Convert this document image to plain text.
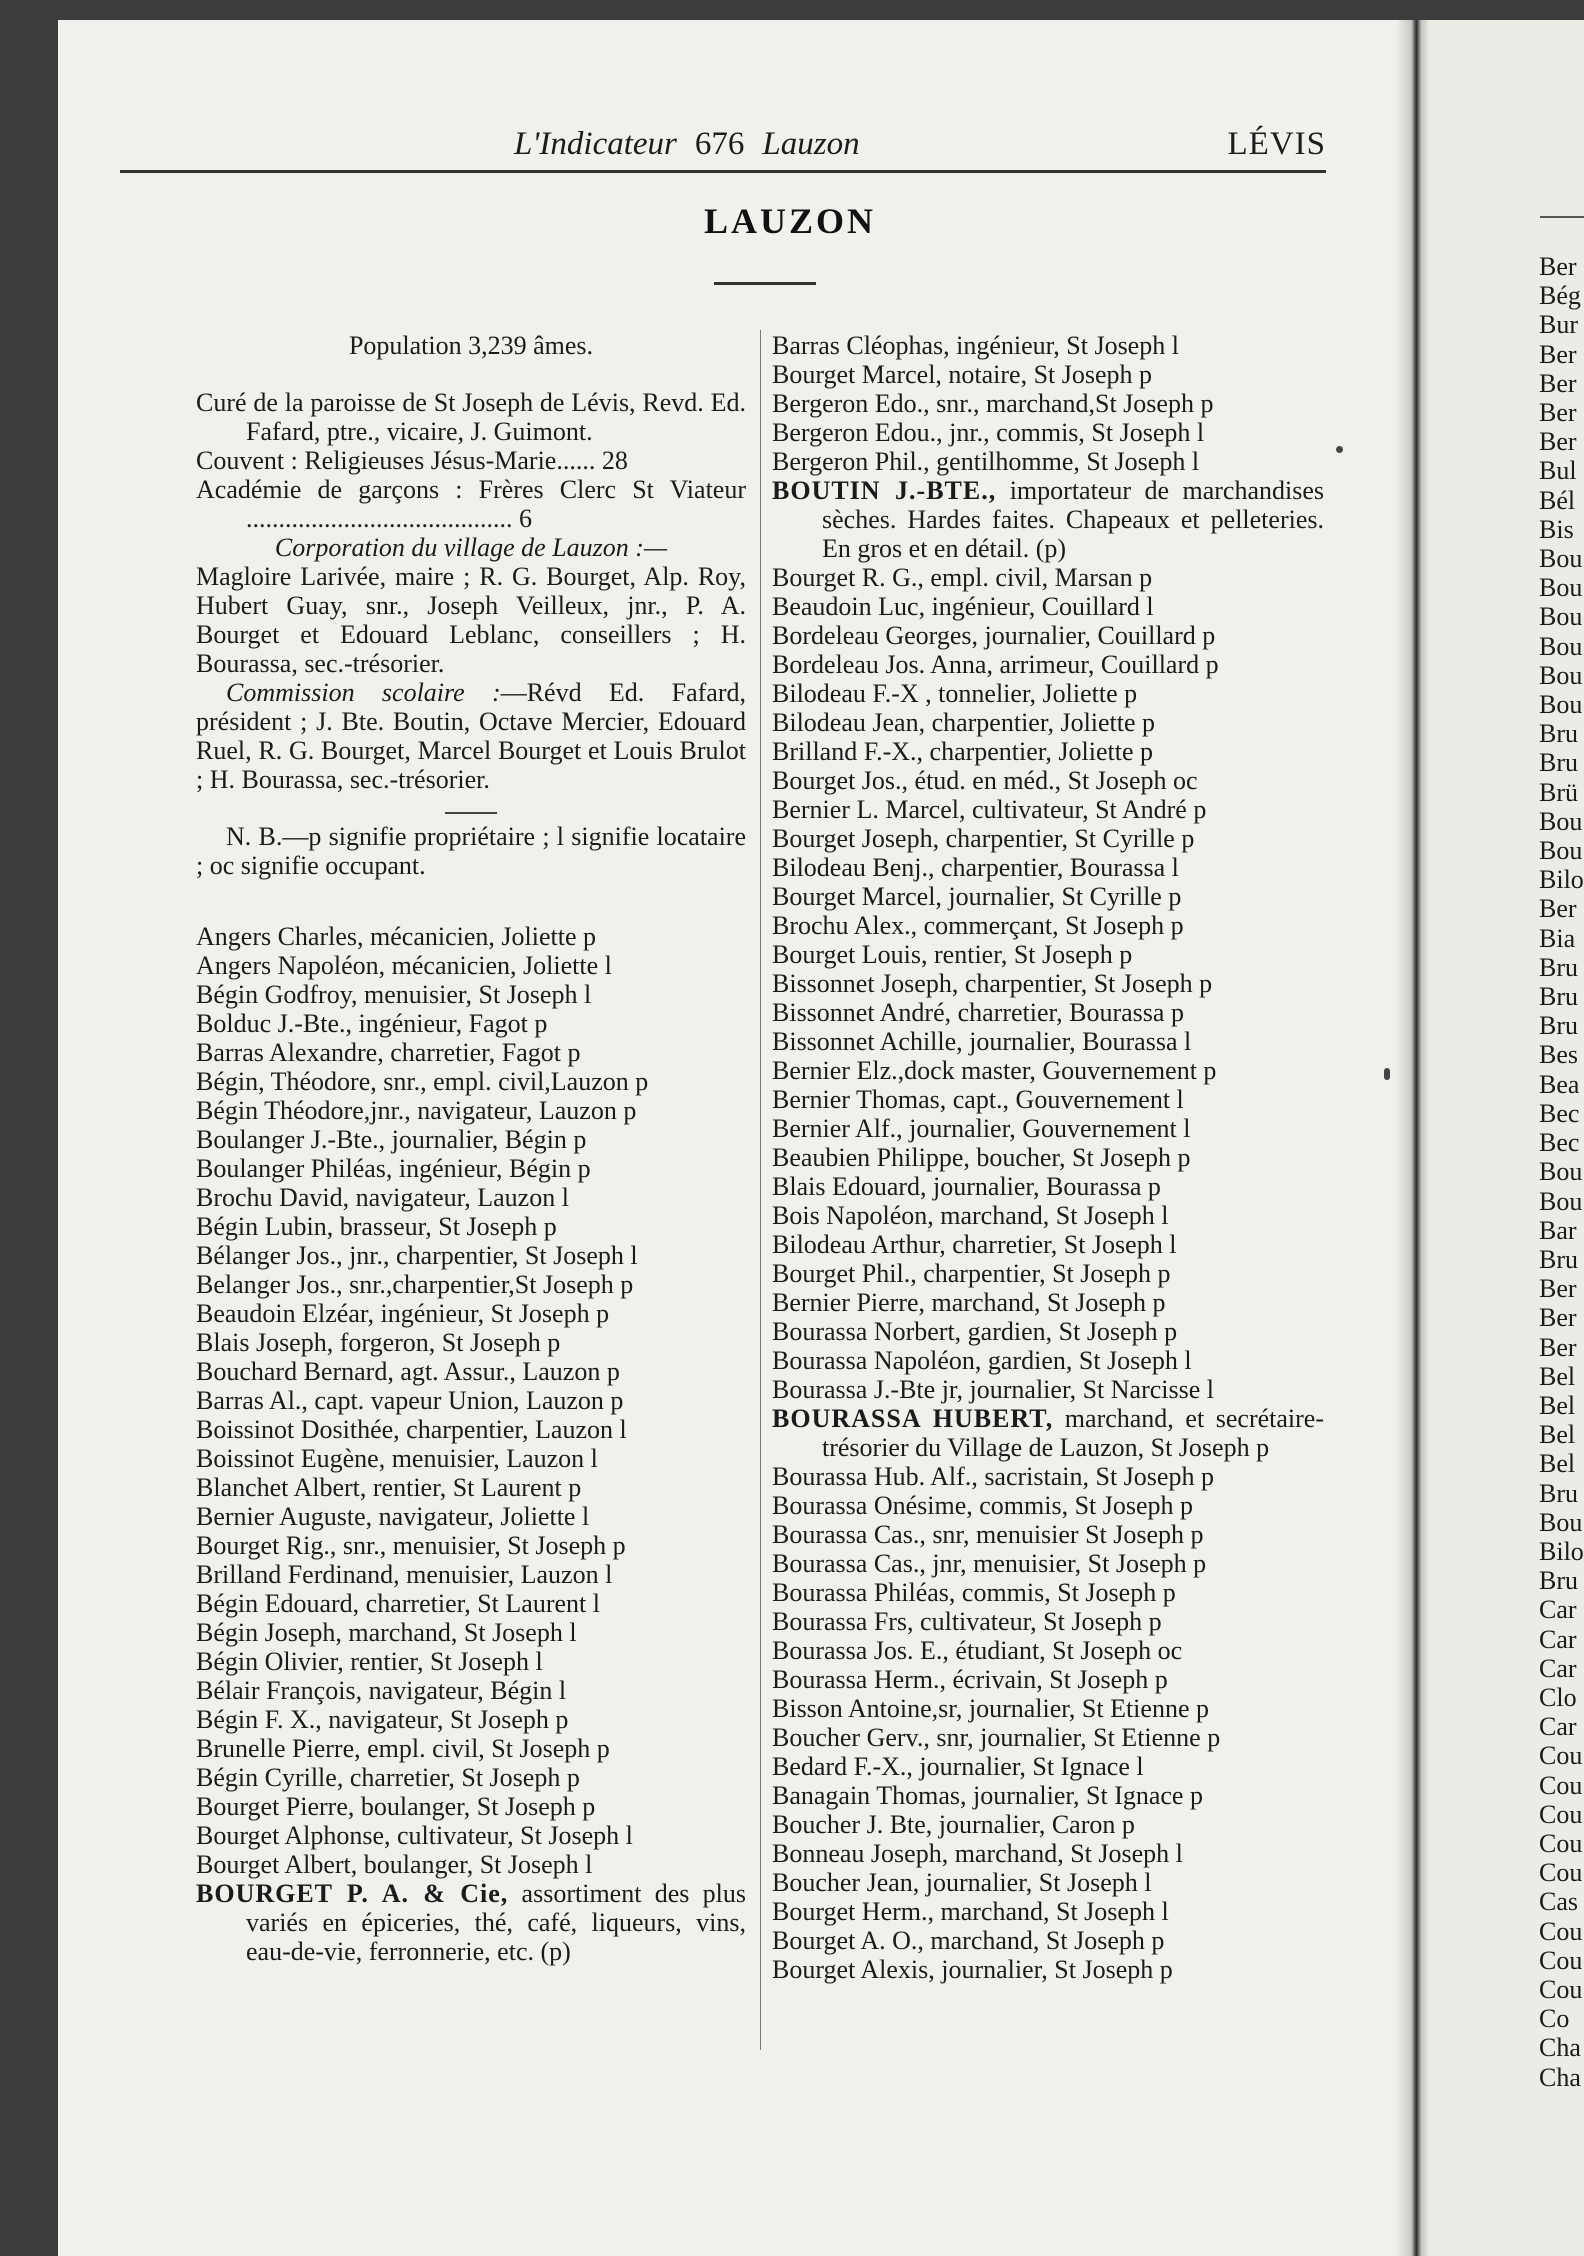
L'Indicateur 676 Lauzon	LÉVIS
LAUZON
Population 3,239 âmes.
Curé de la paroisse de St Joseph de Lévis, Revd. Ed. Fafard, ptre., vicaire, J. Guimont.
Couvent : Religieuses Jésus-Marie...... 28
Académie de garçons : Frères Clerc St Viateur ......................................... 6
Corporation du village de Lauzon :—
Magloire Larivée, maire ; R. G. Bourget, Alp. Roy, Hubert Guay, snr., Joseph Veilleux, jnr., P. A. Bourget et Edouard Leblanc, conseillers ; H. Bourassa, sec.-trésorier.
Commission scolaire :—Révd Ed. Fafard, président ; J. Bte. Boutin, Octave Mercier, Edouard Ruel, R. G. Bourget, Marcel Bourget et Louis Brulot ; H. Bourassa, sec.-trésorier.
N. B.—p signifie propriétaire ; l signifie locataire ; oc signifie occupant.
Angers Charles, mécanicien, Joliette p
Angers Napoléon, mécanicien, Joliette l
Bégin Godfroy, menuisier, St Joseph l
Bolduc J.-Bte., ingénieur, Fagot p
Barras Alexandre, charretier, Fagot p
Bégin, Théodore, snr., empl. civil,Lauzon p
Bégin Théodore,jnr., navigateur, Lauzon p
Boulanger J.-Bte., journalier, Bégin p
Boulanger Philéas, ingénieur, Bégin p
Brochu David, navigateur, Lauzon l
Bégin Lubin, brasseur, St Joseph p
Bélanger Jos., jnr., charpentier, St Joseph l
Belanger Jos., snr.,charpentier,St Joseph p
Beaudoin Elzéar, ingénieur, St Joseph p
Blais Joseph, forgeron, St Joseph p
Bouchard Bernard, agt. Assur., Lauzon p
Barras Al., capt. vapeur Union, Lauzon p
Boissinot Dosithée, charpentier, Lauzon l
Boissinot Eugène, menuisier, Lauzon l
Blanchet Albert, rentier, St Laurent p
Bernier Auguste, navigateur, Joliette l
Bourget Rig., snr., menuisier, St Joseph p
Brilland Ferdinand, menuisier, Lauzon l
Bégin Edouard, charretier, St Laurent l
Bégin Joseph, marchand, St Joseph l
Bégin Olivier, rentier, St Joseph l
Bélair François, navigateur, Bégin l
Bégin F. X., navigateur, St Joseph p
Brunelle Pierre, empl. civil, St Joseph p
Bégin Cyrille, charretier, St Joseph p
Bourget Pierre, boulanger, St Joseph p
Bourget Alphonse, cultivateur, St Joseph l
Bourget Albert, boulanger, St Joseph l
BOURGET P. A. & Cie, assortiment des plus variés en épiceries, thé, café, liqueurs, vins, eau-de-vie, ferronnerie, etc. (p)
Barras Cléophas, ingénieur, St Joseph l
Bourget Marcel, notaire, St Joseph p
Bergeron Edo., snr., marchand,St Joseph p
Bergeron Edou., jnr., commis, St Joseph l
Bergeron Phil., gentilhomme, St Joseph l
BOUTIN J.-BTE., importateur de marchandises sèches. Hardes faites. Chapeaux et pelleteries. En gros et en détail. (p)
Bourget R. G., empl. civil, Marsan p
Beaudoin Luc, ingénieur, Couillard l
Bordeleau Georges, journalier, Couillard p
Bordeleau Jos. Anna, arrimeur, Couillard p
Bilodeau F.-X , tonnelier, Joliette p
Bilodeau Jean, charpentier, Joliette p
Brilland F.-X., charpentier, Joliette p
Bourget Jos., étud. en méd., St Joseph oc
Bernier L. Marcel, cultivateur, St André p
Bourget Joseph, charpentier, St Cyrille p
Bilodeau Benj., charpentier, Bourassa l
Bourget Marcel, journalier, St Cyrille p
Brochu Alex., commerçant, St Joseph p
Bourget Louis, rentier, St Joseph p
Bissonnet Joseph, charpentier, St Joseph p
Bissonnet André, charretier, Bourassa p
Bissonnet Achille, journalier, Bourassa l
Bernier Elz.,dock master, Gouvernement p
Bernier Thomas, capt., Gouvernement l
Bernier Alf., journalier, Gouvernement l
Beaubien Philippe, boucher, St Joseph p
Blais Edouard, journalier, Bourassa p
Bois Napoléon, marchand, St Joseph l
Bilodeau Arthur, charretier, St Joseph l
Bourget Phil., charpentier, St Joseph p
Bernier Pierre, marchand, St Joseph p
Bourassa Norbert, gardien, St Joseph p
Bourassa Napoléon, gardien, St Joseph l
Bourassa J.-Bte jr, journalier, St Narcisse l
BOURASSA HUBERT, marchand, et secrétaire-trésorier du Village de Lauzon, St Joseph p
Bourassa Hub. Alf., sacristain, St Joseph p
Bourassa Onésime, commis, St Joseph p
Bourassa Cas., snr, menuisier St Joseph p
Bourassa Cas., jnr, menuisier, St Joseph p
Bourassa Philéas, commis, St Joseph p
Bourassa Frs, cultivateur, St Joseph p
Bourassa Jos. E., étudiant, St Joseph oc
Bourassa Herm., écrivain, St Joseph p
Bisson Antoine,sr, journalier, St Etienne p
Boucher Gerv., snr, journalier, St Etienne p
Bedard F.-X., journalier, St Ignace l
Banagain Thomas, journalier, St Ignace p
Boucher J. Bte, journalier, Caron p
Bonneau Joseph, marchand, St Joseph l
Boucher Jean, journalier, St Joseph l
Bourget Herm., marchand, St Joseph l
Bourget A. O., marchand, St Joseph p
Bourget Alexis, journalier, St Joseph p
Ber
Bég
Bur
Ber
Ber
Ber
Ber
Bul
Bél
Bis
Bou
Bou
Bou
Bou
Bou
Bou
Bru
Bru
Brü
Bou
Bou
Bilo
Ber
Bia
Bru
Bru
Bru
Bes
Bea
Bec
Bec
Bou
Bou
Bar
Bru
Ber
Ber
Ber
Bel
Bel
Bel
Bel
Bru
Bou
Bilo
Bru
Car
Car
Car
Clo
Car
Cou
Cou
Cou
Cou
Cou
Cas
Cou
Cou
Cou
Co
Cha
Cha
